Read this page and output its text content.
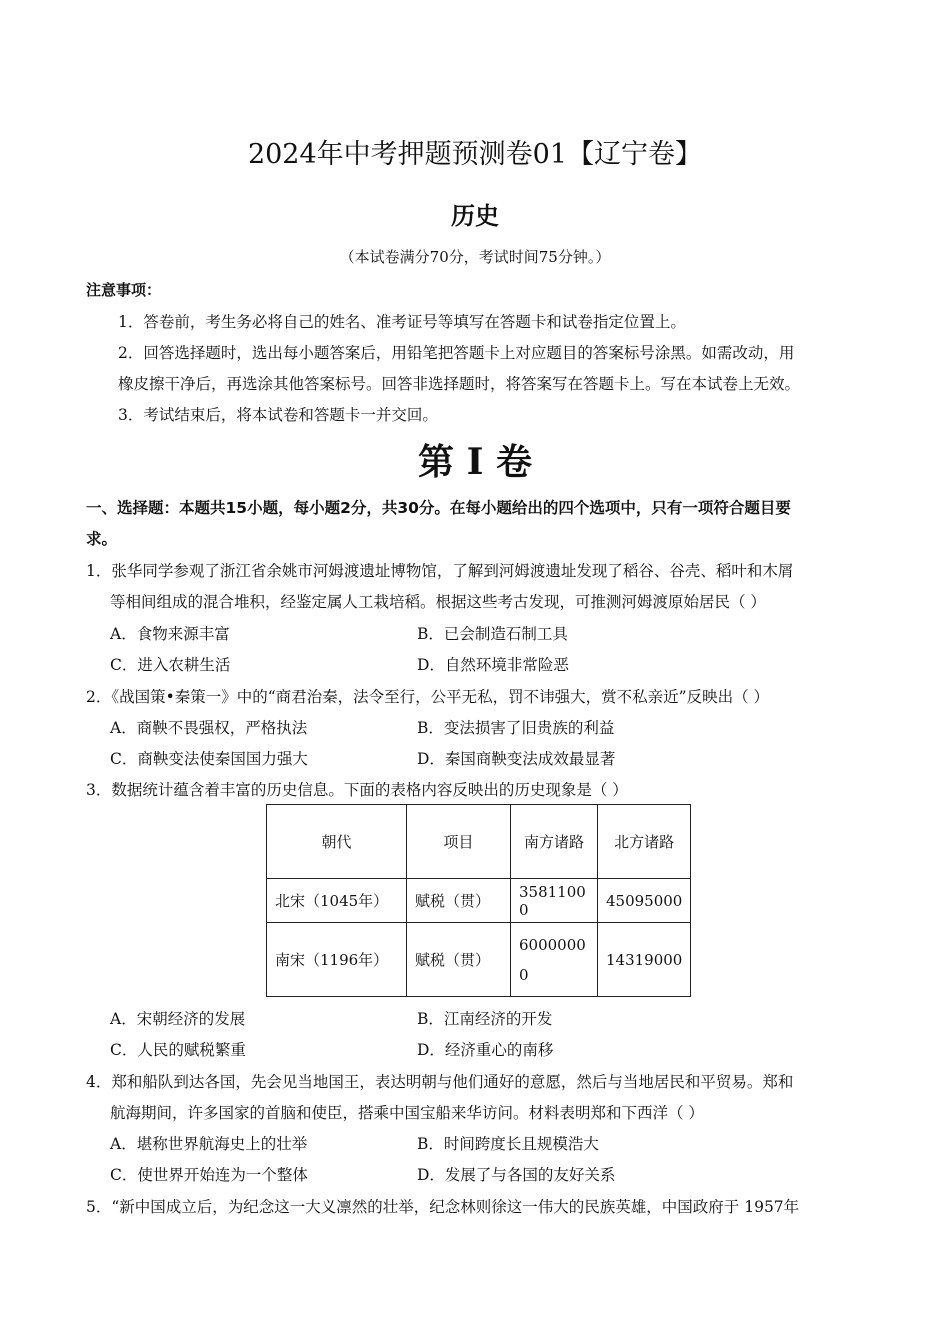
2024年中考押题预测卷01【辽宁卷】
历史
（本试卷满分70分，考试时间75分钟。）
注意事项：
1．答卷前，考生务必将自己的姓名、准考证号等填写在答题卡和试卷指定位置上。
2．回答选择题时，选出每小题答案后，用铅笔把答题卡上对应题目的答案标号涂黑。如需改动，用
橡皮擦干净后，再选涂其他答案标号。回答非选择题时，将答案写在答题卡上。写在本试卷上无效。
3．考试结束后，将本试卷和答题卡一并交回。
第 I 卷
一、选择题：本题共15小题，每小题2分，共30分。在每小题给出的四个选项中，只有一项符合题目要
求。
1．张华同学参观了浙江省余姚市河姆渡遗址博物馆，了解到河姆渡遗址发现了稻谷、谷壳、稻叶和木屑
等相间组成的混合堆积，经鉴定属人工栽培稻。根据这些考古发现，可推测河姆渡原始居民（ ）
A．食物来源丰富	B．已会制造石制工具
C．进入农耕生活	D．自然环境非常险恶
2．《战国策•秦策一》中的“商君治秦，法令至行，公平无私，罚不讳强大，赏不私亲近”反映出（ ）
A．商鞅不畏强权，严格执法	B．变法损害了旧贵族的利益
C．商鞅变法使秦国国力强大	D．秦国商鞅变法成效最显著
3．数据统计蕴含着丰富的历史信息。下面的表格内容反映出的历史现象是（ ）
朝代	项目	南方诸路	北方诸路
北宋（1045年）	赋税（贯）	35811000	45095000
南宋（1196年）	赋税（贯）	60000000	14319000
A．宋朝经济的发展	B．江南经济的开发
C．人民的赋税繁重	D．经济重心的南移
4．郑和船队到达各国，先会见当地国王，表达明朝与他们通好的意愿，然后与当地居民和平贸易。郑和
航海期间，许多国家的首脑和使臣，搭乘中国宝船来华访问。材料表明郑和下西洋（ ）
A．堪称世界航海史上的壮举	B．时间跨度长且规模浩大
C．使世界开始连为一个整体	D．发展了与各国的友好关系
5．“新中国成立后，为纪念这一大义凛然的壮举，纪念林则徐这一伟大的民族英雄，中国政府于 1957年
